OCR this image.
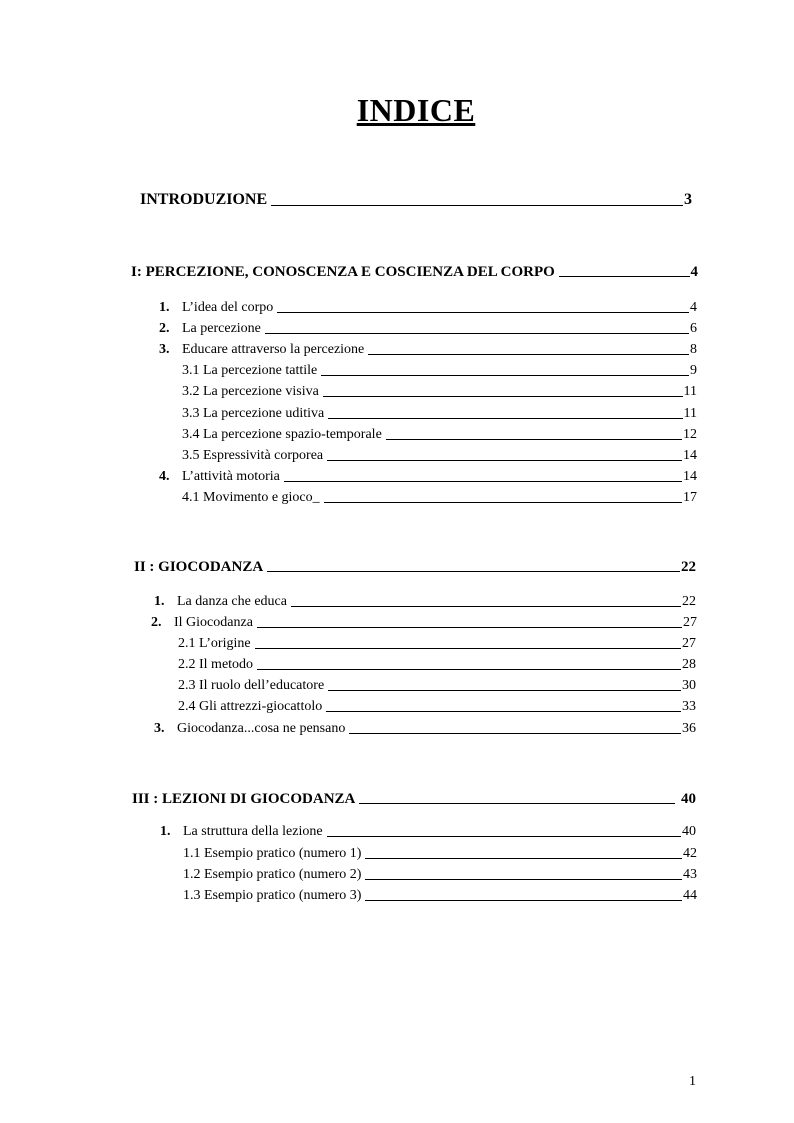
INDICE
INTRODUZIONE	3
I: PERCEZIONE, CONOSCENZA E COSCIENZA DEL CORPO	4
1. L’idea del corpo	4
2. La percezione	6
3. Educare attraverso la percezione	8
3.1 La percezione tattile	9
3.2 La percezione visiva	11
3.3 La percezione uditiva	11
3.4 La percezione spazio-temporale	12
3.5 Espressività corporea	14
4. L’attività motoria	14
4.1 Movimento e gioco_	17
II : GIOCODANZA	22
1. La danza che educa	22
2. Il Giocodanza	27
2.1 L’origine	27
2.2 Il metodo	28
2.3 Il ruolo dell’educatore	30
2.4 Gli attrezzi-giocattolo	33
3. Giocodanza...cosa ne pensano	36
III : LEZIONI DI GIOCODANZA	40
1. La struttura della lezione	40
1.1 Esempio pratico (numero 1)	42
1.2 Esempio pratico (numero 2)	43
1.3 Esempio pratico (numero 3)	44
1
